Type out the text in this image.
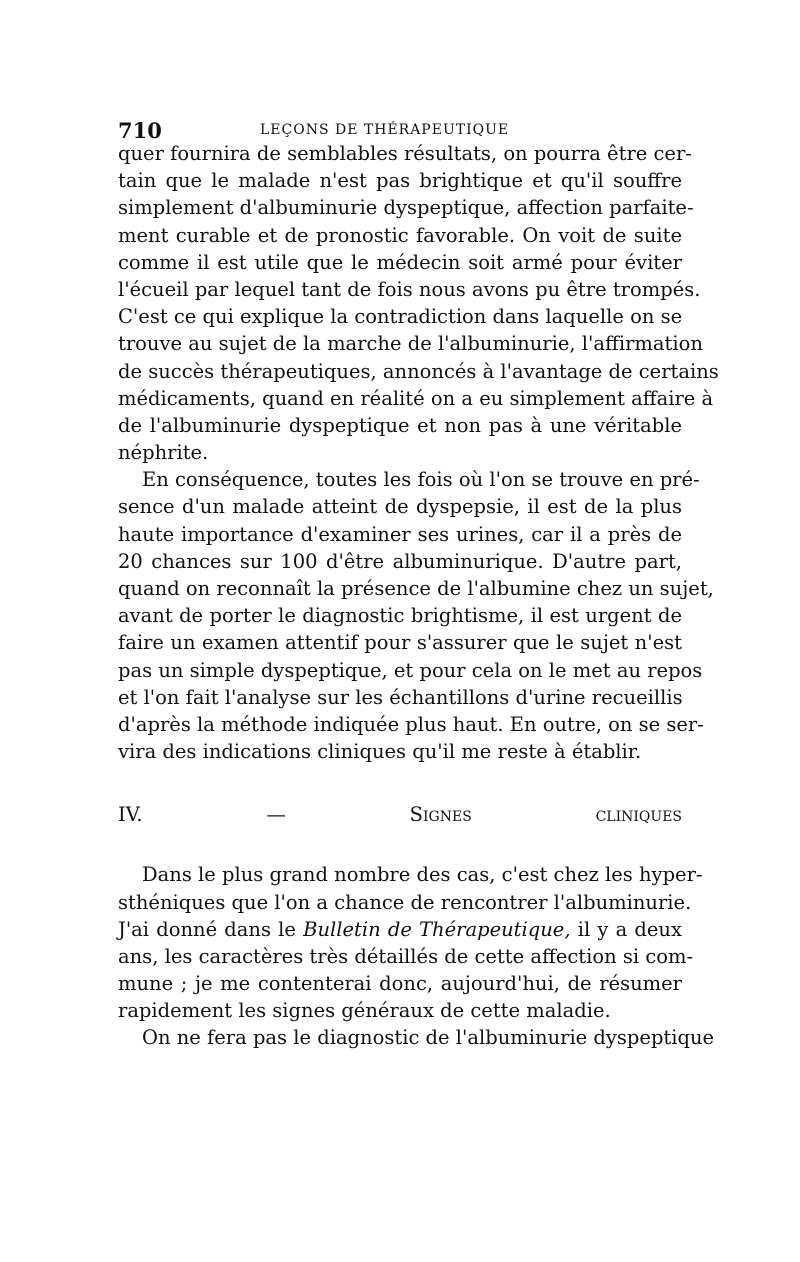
710	LEÇONS DE THÉRAPEUTIQUE
quer fournira de semblables résultats, on pourra être cer-
tain que le malade n'est pas brightique et qu'il souffre
simplement d'albuminurie dyspeptique, affection parfaite-
ment curable et de pronostic favorable. On voit de suite
comme il est utile que le médecin soit armé pour éviter
l'écueil par lequel tant de fois nous avons pu être trompés.
C'est ce qui explique la contradiction dans laquelle on se
trouve au sujet de la marche de l'albuminurie, l'affirmation
de succès thérapeutiques, annoncés à l'avantage de certains
médicaments, quand en réalité on a eu simplement affaire à
de l'albuminurie dyspeptique et non pas à une véritable
néphrite.
En conséquence, toutes les fois où l'on se trouve en pré-
sence d'un malade atteint de dyspepsie, il est de la plus
haute importance d'examiner ses urines, car il a près de
20 chances sur 100 d'être albuminurique. D'autre part,
quand on reconnaît la présence de l'albumine chez un sujet,
avant de porter le diagnostic brightisme, il est urgent de
faire un examen attentif pour s'assurer que le sujet n'est
pas un simple dyspeptique, et pour cela on le met au repos
et l'on fait l'analyse sur les échantillons d'urine recueillis
d'après la méthode indiquée plus haut. En outre, on se ser-
vira des indications cliniques qu'il me reste à établir.
IV. —	Signes cliniques
Dans le plus grand nombre des cas, c'est chez les hyper-
sthéniques que l'on a chance de rencontrer l'albuminurie.
J'ai donné dans le Bulletin de Thérapeutique, il y a deux
ans, les caractères très détaillés de cette affection si com-
mune ; je me contenterai donc, aujourd'hui, de résumer
rapidement les signes généraux de cette maladie.
On ne fera pas le diagnostic de l'albuminurie dyspeptique
